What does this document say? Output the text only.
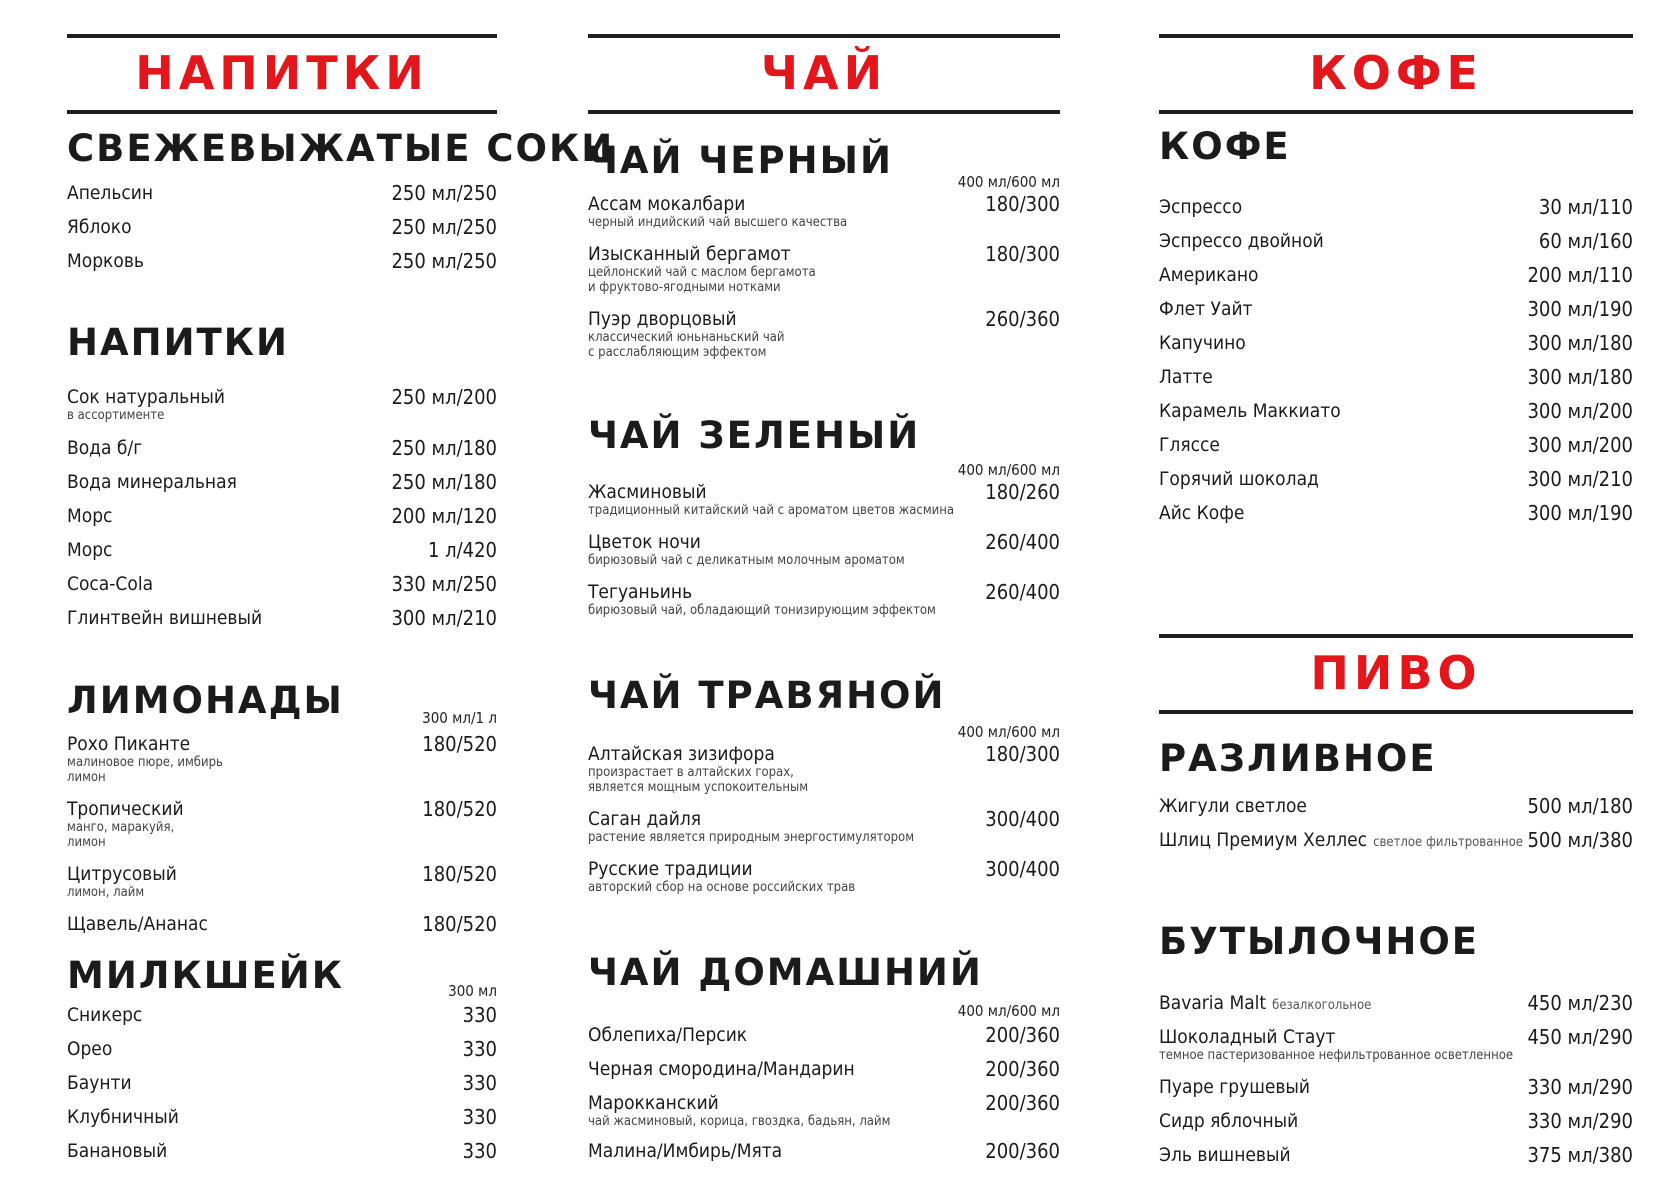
НАПИТКИ
СВЕЖЕВЫЖАТЫЕ СОКИ
Апельсин	250 мл/250
Яблоко	250 мл/250
Морковь	250 мл/250
НАПИТКИ
Сок натуральный
в ассортименте
250 мл/200
Вода б/г	250 мл/180
Вода минеральная	250 мл/180
Морс	200 мл/120
Морс	1 л/420
Coca-Cola	330 мл/250
Глинтвейн вишневый	300 мл/210
ЛИМОНАДЫ	300 мл/1 л
Рохо Пиканте
малиновое пюре, имбирь
лимон
180/520
Тропический
манго, маракуйя,
лимон
180/520
Цитрусовый
лимон, лайм
180/520
Щавель/Ананас	180/520
МИЛКШЕЙК	300 мл
Сникерс	330
Орео	330
Баунти	330
Клубничный	330
Банановый	330
ЧАЙ
ЧАЙ ЧЕРНЫЙ	400 мл/600 мл
Ассам мокалбари
черный индийский чай высшего качества
180/300
Изысканный бергамот
цейлонский чай с маслом бергамота
и фруктово-ягодными нотками
180/300
Пуэр дворцовый
классический юньнаньский чай
с расслабляющим эффектом
260/360
ЧАЙ ЗЕЛЕНЫЙ
400 мл/600 мл
Жасминовый
традиционный китайский чай с ароматом цветов жасмина
180/260
Цветок ночи
бирюзовый чай с деликатным молочным ароматом
260/400
Тегуаньинь
бирюзовый чай, обладающий тонизирующим эффектом
260/400
ЧАЙ ТРАВЯНОЙ
400 мл/600 мл
Алтайская зизифора
произрастает в алтайских горах,
является мощным успокоительным
180/300
Саган дайля
растение является природным энергостимулятором
300/400
Русские традиции
авторский сбор на основе российских трав
300/400
ЧАЙ ДОМАШНИЙ
400 мл/600 мл
Облепиха/Персик	200/360
Черная смородина/Мандарин	200/360
Марокканский
чай жасминовый, корица, гвоздка, бадьян, лайм
200/360
Малина/Имбирь/Мята	200/360
КОФЕ
КОФЕ
Эспрессо	30 мл/110
Эспрессо двойной	60 мл/160
Американо	200 мл/110
Флет Уайт	300 мл/190
Капучино	300 мл/180
Латте	300 мл/180
Карамель Маккиато	300 мл/200
Гляссе	300 мл/200
Горячий шоколад	300 мл/210
Айс Кофе	300 мл/190
ПИВО
РАЗЛИВНОЕ
Жигули светлое	500 мл/180
Шлиц Премиум Хеллес светлое фильтрованное 500 мл/380
БУТЫЛОЧНОЕ
Bavaria Malt безалкогольное	450 мл/230
Шоколадный Стаут
темное пастеризованное нефильтрованное осветленное
450 мл/290
Пуаре грушевый	330 мл/290
Сидр яблочный	330 мл/290
Эль вишневый	375 мл/380
